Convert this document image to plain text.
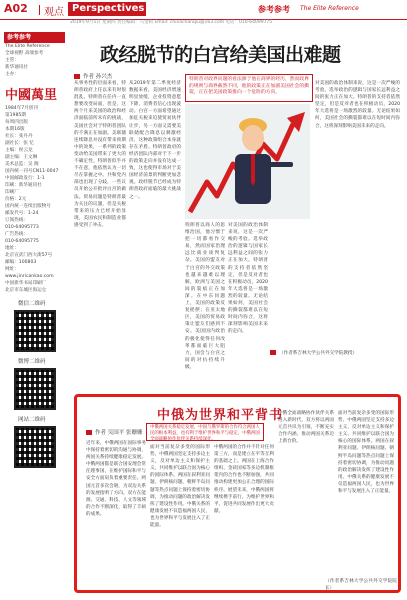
A02 观点 Perspectives	参考参考 The Elite Reference
2019年9月5日 星期四 责任编辑：马金莉 Email: chinachanqiu@163.com 电话：010-64099775
参考参考
The Elite Reference
全球视野 高端参考
主管：
新华通讯社
主办：
中國萬里
1984年7月创刊
第1985期
每周四出版
本期16版
社长：张丹丹
副社长：张 忆
主编：侯云龙
副主编：王文琳
美术总监：吴 阁
国内统一刊号CN11-0047
中国邮政发行：1-1
印刷：新华通讯社
印刷厂
价格：2元
国内统一连续出版物号
邮发代号：1-24
订阅热线：
010-64095773
广告热线：
010-64095775
地址：
北京宣武门西大街57号
邮编：100803
网址：
www.jinricankao.com
中国新华书局印刷厂
北京市东城区海运仓
微信二维码
微博二维码
网站二维码
政经脱节的白宫给美国出难题
作者 孙兴杰
从事务性的层面来看，特朗普政府上任以来有时很混乱。特朗普在任内一直想要改变局面，但是，这两个月来美国的政治和经济面临前所未有的挑战，美国社会对于特朗普团队的不满正在加剧。美联储连续降息并没有带来预期中的效果，一系列的政策变动给美国带来了更大的不确定性。特朗普似乎并不在意，他依然认为一切尽在掌握之中。共和党内部也出现了分歧，一些议员开始公开批评白宫的做法。贸易问题是特朗普最为关注的议题，但是关税带来的压力已经开始显现，美国农民和制造业都感受到了冲击。
从2019年第二季度经济数据来看，美国经济增速明显放缓，企业投资意愿下降，消费者信心出现波动。白宫一方面希望通过加征关税来迫使贸易伙伴让步，另一方面又需要美联储配合降息以刺激经济，这种政策组合本身就存在矛盾。特朗普政府的经济团队内部对于下一步的政策走向并没有达成一致，这也使得市场对于美国经济前景的判断更加悲观。政经脱节已经成为特朗普政府面临的最大挑战之一。
特朗普对政界问题的看法源于他在商界的经历，然而政界的规则与商界截然不同，他的政策正在加剧美国社会的撕裂，正在把美国政策推向一个危险的方向。
特朗普以商人的思维治国，他习惯于把一切都看作交易，然而国家治理远比商业谈判复杂。美国的盟友对于白宫的外交政策也越来越难以理解，欧洲与美国之间的裂痕正在加深。在中东问题上，美国的政策反复摇摆；在亚太地区，美国的贸易政策让盟友们感到不安。美国国内政治的极化使得任何改革都面临巨大阻力，国会与白宫之间的对抗持续升级。
对美国的政治体制来说，这是一次严峻的考验。选举政治的逻辑与国家长远利益之间的张力正在加大。特朗普的支持者依然坚定，但是反对者也在积极动员，2020年大选将是一场激烈的较量。无论结果如何，美国社会的撕裂都难以在短时间内弥合，这将深刻影响美国未来的走向。
对美国的政治体制来说，这是一次严峻的考验。选举政治的逻辑与国家长远利益之间的张力正在加大。特朗普的支持者依然坚定，但是反对者也在积极动员，2020年大选将是一场激烈的较量。无论结果如何，美国社会的撕裂都难以在短时间内弥合，这将深刻影响美国未来的走向。
（作者系吉林大学公共外交学院教授）
中俄为世界和平背书
作者 吴国平 张姗姗
中俄两国关系稳定发展，中国与俄罗斯的合作符合两国人民的根本利益，也有利于维护世界和平与稳定，中俄两国全面战略协作伙伴关系持续深化。
近年来，中俄两国在国际事务中保持着密切的沟通与协调，两国关系持续健康稳定发展。中俄两国都是联合国安理会常任理事国，在维护国际和平与安全方面肩负着重要责任。两国元首多次会晤，为双边关系的发展指明了方向。双方在能源、交通、科技、人文等领域的合作不断深化，取得了丰硕的成果。
面对当前复杂多变的国际形势，中俄两国坚定支持多边主义，反对单边主义和保护主义，共同维护以联合国为核心的国际体系。两国在叙利亚问题、伊朗核问题、朝鲜半岛问题等热点问题上保持着密切协调，为推动问题的政治解决发挥了建设性作用。中俄关系的健康发展不仅造福两国人民，也为世界和平与发展注入了正能量。
中俄两国的合作并不针对任何第三方，而是建立在平等互利的基础之上。两国在上海合作组织、金砖国家等多边机制框架内的合作也不断加强，共同推动构建更加公正合理的国际秩序。展望未来，中俄两国将继续携手前行，为维护世界和平、促进共同发展作出更大贡献。
中俄全面战略协作伙伴关系进入新时代，双方将以两国元首共识为引领，不断充实合作内涵，推动两国关系迈上新台阶。
面对当前复杂多变的国际形势，中俄两国坚定支持多边主义，反对单边主义和保护主义，共同维护以联合国为核心的国际体系。两国在叙利亚问题、伊朗核问题、朝鲜半岛问题等热点问题上保持着密切协调，为推动问题的政治解决发挥了建设性作用。中俄关系的健康发展不仅造福两国人民，也为世界和平与发展注入了正能量。
（作者系吉林大学公共外交学院院长）
